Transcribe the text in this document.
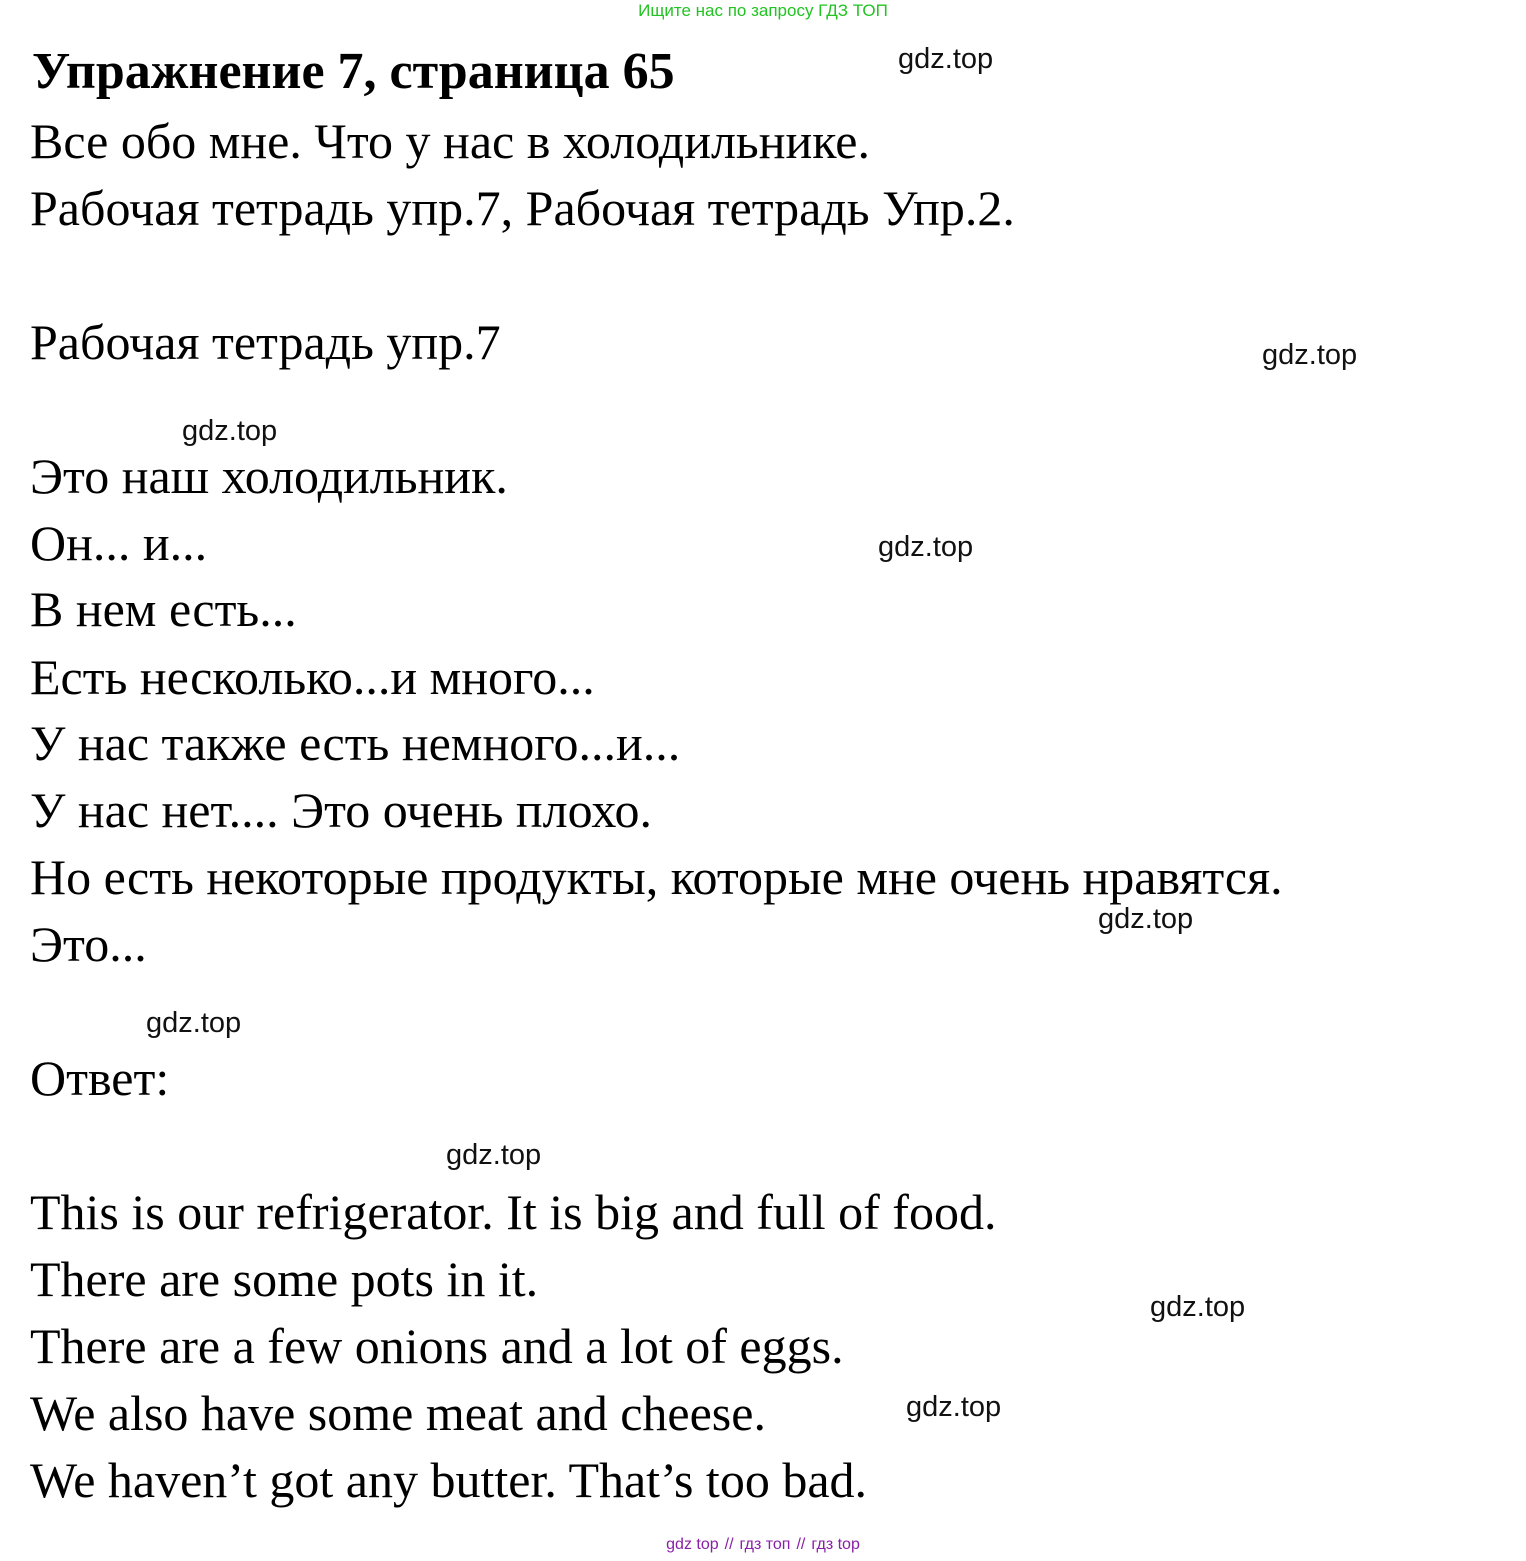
Ищите нас по запросу ГДЗ ТОП
Упражнение 7, страница 65
Все обо мне. Что у нас в холодильнике.
Рабочая тетрадь упр.7, Рабочая тетрадь Упр.2.
Рабочая тетрадь упр.7
Это наш холодильник.
Он... и...
В нем есть...
Есть несколько...и много...
У нас также есть немного...и...
У нас нет.... Это очень плохо.
Но есть некоторые продукты, которые мне очень нравятся.
Это...
Ответ:
This is our refrigerator. It is big and full of food.
There are some pots in it.
There are a few onions and a lot of eggs.
We also have some meat and cheese.
We haven’t got any butter. That’s too bad.
gdz.top
gdz.top
gdz.top
gdz.top
gdz.top
gdz.top
gdz.top
gdz.top
gdz.top
gdz top // гдз топ // гдз top
